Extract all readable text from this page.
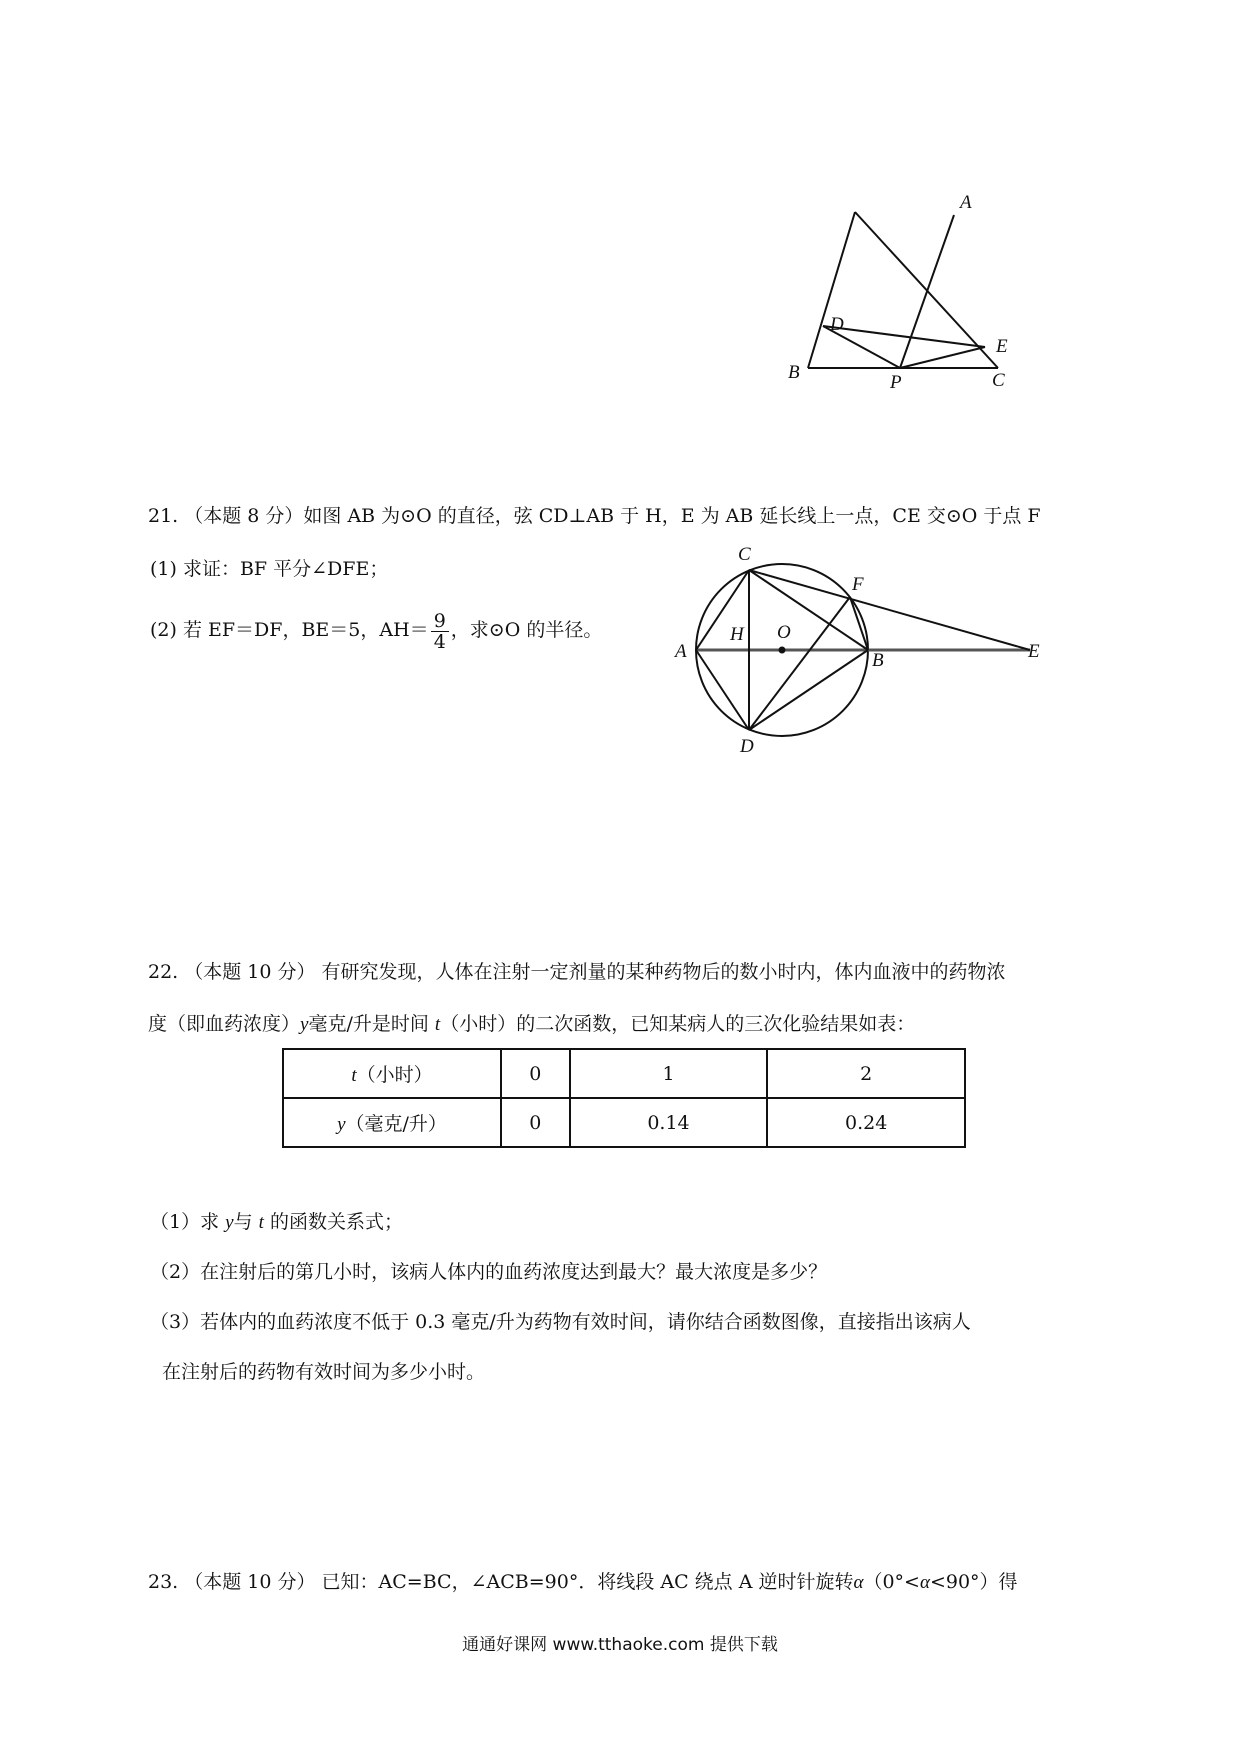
A
B	C
D
E
P
21. （本题 8 分）如图 AB 为⊙O 的直径，弦 CD⊥AB 于 H，E 为 AB 延长线上一点，CE 交⊙O 于点 F
(1) 求证：BF 平分∠DFE；
(2) 若 EF＝DF，BE＝5，$AH= \frac{9}{4}$ ，求⊙O 的半径。
C
F
A
H O
B	E
D
22. （本题 10 分） 有研究发现，人体在注射一定剂量的某种药物后的数小时内，体内血液中的药物浓
度（即血药浓度）y毫克/升是时间 t（小时）的二次函数，已知某病人的三次化验结果如表：
t（小时）	0	1	2
y（毫克/升）	0	0.14	0.24
（1）求 y与 t 的函数关系式；
（2）在注射后的第几小时，该病人体内的血药浓度达到最大？最大浓度是多少？
（3）若体内的血药浓度不低于 0.3 毫克/升为药物有效时间，请你结合函数图像，直接指出该病人
在注射后的药物有效时间为多少小时。
23. （本题 10 分） 已知：AC=BC，∠ACB=90°．将线段 AC 绕点 A 逆时针旋转α（0°<α<90°）得
通通好课网 www.tthaoke.com 提供下载
